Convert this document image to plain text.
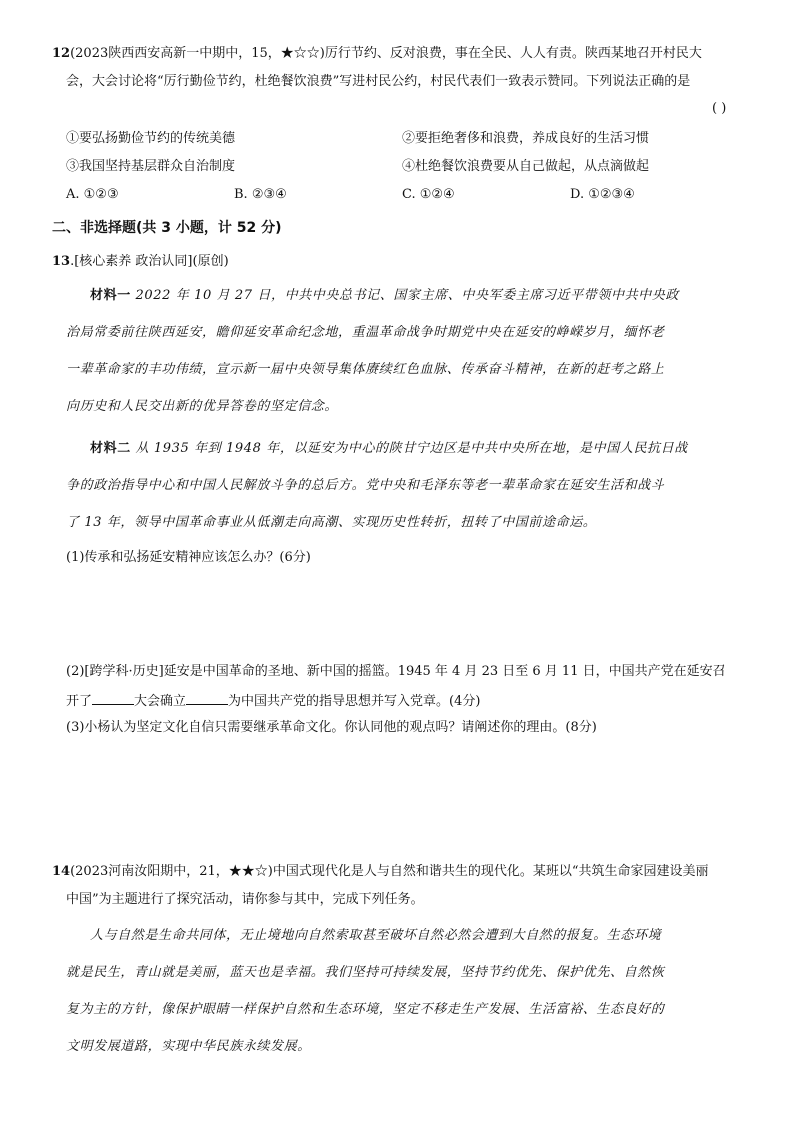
12(2023陕西西安高新一中期中，15，★☆☆)厉行节约、反对浪费，事在全民、人人有责。陕西某地召开村民大
会，大会讨论将“厉行勤俭节约，杜绝餐饮浪费”写进村民公约，村民代表们一致表示赞同。下列说法正确的是
( )
①要弘扬勤俭节约的传统美德	②要拒绝奢侈和浪费，养成良好的生活习惯
③我国坚持基层群众自治制度	④杜绝餐饮浪费要从自己做起，从点滴做起
A. ①②③	B. ②③④	C. ①②④	D. ①②③④
二、非选择题(共 3 小题，计 52 分)
13.[核心素养 政治认同](原创)
材料一 2022 年 10 月 27 日，中共中央总书记、国家主席、中央军委主席习近平带领中共中央政
治局常委前往陕西延安，瞻仰延安革命纪念地，重温革命战争时期党中央在延安的峥嵘岁月，缅怀老
一辈革命家的丰功伟绩，宣示新一届中央领导集体赓续红色血脉、传承奋斗精神，在新的赶考之路上
向历史和人民交出新的优异答卷的坚定信念。
材料二 从 1935 年到 1948 年，以延安为中心的陕甘宁边区是中共中央所在地，是中国人民抗日战
争的政治指导中心和中国人民解放斗争的总后方。党中央和毛泽东等老一辈革命家在延安生活和战斗
了 13 年，领导中国革命事业从低潮走向高潮、实现历史性转折，扭转了中国前途命运。
(1)传承和弘扬延安精神应该怎么办？(6分)
(2)[跨学科·历史]延安是中国革命的圣地、新中国的摇篮。1945 年 4 月 23 日至 6 月 11 日，中国共产党在延安召
开了	大会确立	为中国共产党的指导思想并写入党章。(4分)
(3)小杨认为坚定文化自信只需要继承革命文化。你认同他的观点吗？请阐述你的理由。(8分)
14(2023河南汝阳期中，21，★★☆)中国式现代化是人与自然和谐共生的现代化。某班以“共筑生命家园建设美丽
中国”为主题进行了探究活动，请你参与其中，完成下列任务。
人与自然是生命共同体，无止境地向自然索取甚至破坏自然必然会遭到大自然的报复。生态环境
就是民生，青山就是美丽，蓝天也是幸福。我们坚持可持续发展，坚持节约优先、保护优先、自然恢
复为主的方针，像保护眼睛一样保护自然和生态环境，坚定不移走生产发展、生活富裕、生态良好的
文明发展道路，实现中华民族永续发展。
